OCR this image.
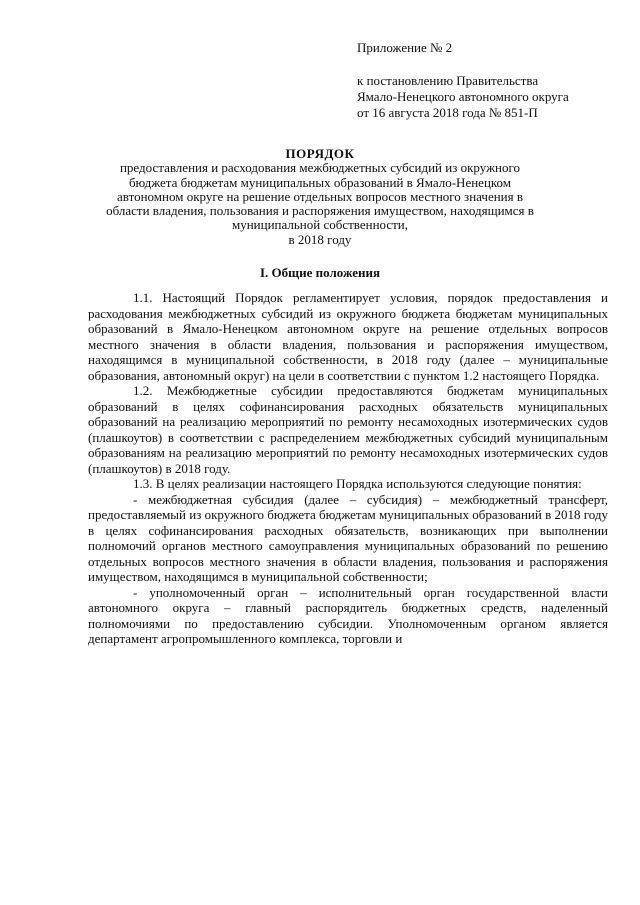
Приложение № 2
к постановлению Правительства
Ямало-Ненецкого автономного округа
от 16 августа 2018 года № 851-П
ПОРЯДОК
предоставления и расходования межбюджетных субсидий из окружного
бюджета бюджетам муниципальных образований в Ямало-Ненецком
автономном округе на решение отдельных вопросов местного значения в
области владения, пользования и распоряжения имуществом, находящимся в
муниципальной собственности,
в 2018 году
I. Общие положения

1.1. Настоящий Порядок регламентирует условия, порядок предоставления и расходования межбюджетных субсидий из окружного бюджета бюджетам муниципальных образований в Ямало-Ненецком автономном округе на решение отдельных вопросов местного значения в области владения, пользования и распоряжения имуществом, находящимся в муниципальной собственности, в 2018 году (далее – муниципальные образования, автономный округ) на цели в соответствии с пунктом 1.2 настоящего Порядка.

1.2. Межбюджетные субсидии предоставляются бюджетам муниципальных образований в целях софинансирования расходных обязательств муниципальных образований на реализацию мероприятий по ремонту несамоходных изотермических судов (плашкоутов) в соответствии с распределением межбюджетных субсидий муниципальным образованиям на реализацию мероприятий по ремонту несамоходных изотермических судов (плашкоутов) в 2018 году.

1.3. В целях реализации настоящего Порядка используются следующие понятия:

- межбюджетная субсидия (далее – субсидия) – межбюджетный трансферт, предоставляемый из окружного бюджета бюджетам муниципальных образований в 2018 году в целях софинансирования расходных обязательств, возникающих при выполнении полномочий органов местного самоуправления муниципальных образований по решению отдельных вопросов местного значения в области владения, пользования и распоряжения имуществом, находящимся в муниципальной собственности;

- уполномоченный орган – исполнительный орган государственной власти автономного округа – главный распорядитель бюджетных средств, наделенный полномочиями по предоставлению субсидии. Уполномоченным органом является департамент агропромышленного комплекса, торговли и
